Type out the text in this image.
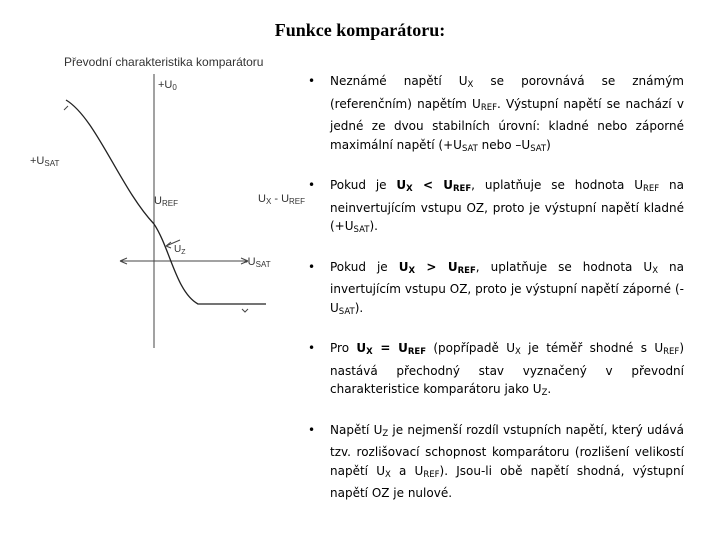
Funkce komparátoru:
Převodní charakteristika komparátoru
+U0
+USAT
UREF	UX - UREF
$U_Z$
-USAT
• Neznámé napětí $U_X$ se porovnává se známým (referenčním) napětím $U_{REF}$. Výstupní napětí se nachází v jedné ze dvou stabilních úrovní: kladné nebo záporné maximální napětí ($+U_{SAT}$ nebo $-U_{SAT}$)
• Pokud je $U_X < U_{REF}$, uplatňuje se hodnota $U_{REF}$ na neinvertujícím vstupu OZ, proto je výstupní napětí kladné $(+U_{SAT})$.
• Pokud je $U_X > U_{REF}$, uplatňuje se hodnota $U_X$ na invertujícím vstupu OZ, proto je výstupní napětí záporné $(-U_{SAT})$.
• Pro $U_X = U_{REF}$ (popřípadě $U_X$ je téměř shodné s $U_{REF}$) nastává přechodný stav vyznačený v převodní charakteristice komparátoru jako $U_Z$.
• Napětí $U_Z$ je nejmenší rozdíl vstupních napětí, který udává tzv. rozlišovací schopnost komparátoru (rozlišení velikostí napětí $U_X$ a $U_{REF}$). Jsou-li obě napětí shodná, výstupní napětí OZ je nulové.
